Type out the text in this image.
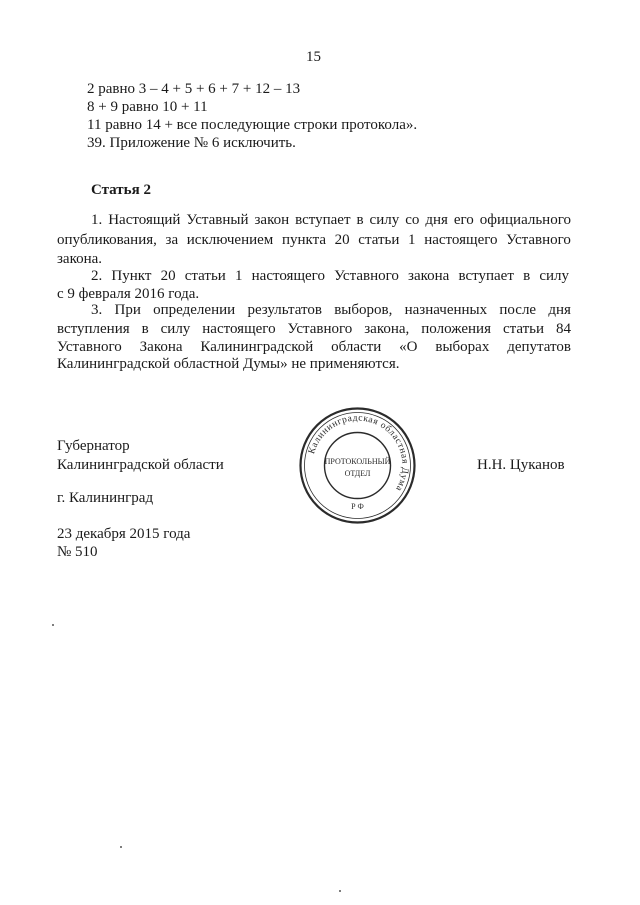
15
2 равно 3 – 4 + 5 + 6 + 7 + 12 – 13
8 + 9 равно 10 + 11
11 равно 14 + все последующие строки протокола».
39. Приложение № 6 исключить.
Статья 2
1. Настоящий Уставный закон вступает в силу со дня его официального
опубликования, за исключением пункта 20 статьи 1 настоящего Уставного
закона.
2. Пункт 20 статьи 1 настоящего Уставного закона вступает в силу
с 9 февраля 2016 года.
3. При определении результатов выборов, назначенных после дня
вступления в силу настоящего Уставного закона, положения статьи 84
Уставного Закона Калининградской области «О выборах депутатов
Калининградской областной Думы» не применяются.
Губернатор
Калининградской области	Н.Н. Цуканов
г. Калининград
23 декабря 2015 года
№ 510
Калининградская областная Дума
ПРОТОКОЛЬНЫЙ
ОТДЕЛ
Р Ф
